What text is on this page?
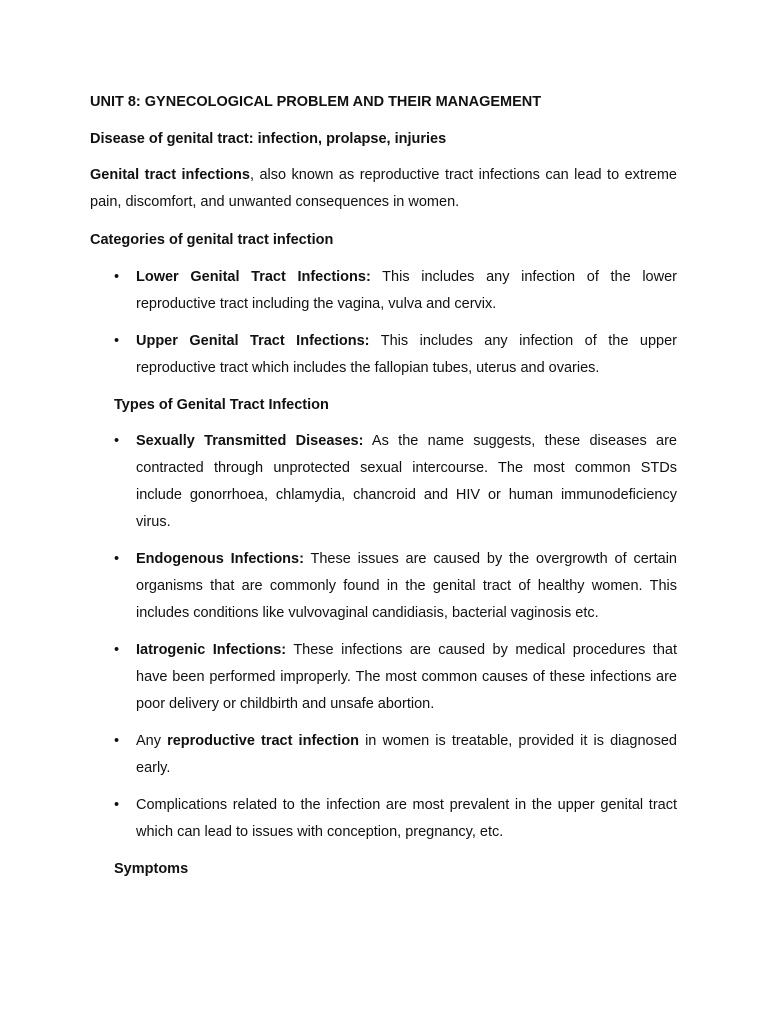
UNIT 8: GYNECOLOGICAL PROBLEM AND THEIR MANAGEMENT
Disease of genital tract: infection, prolapse, injuries
Genital tract infections, also known as reproductive tract infections can lead to extreme pain, discomfort, and unwanted consequences in women.
Categories of genital tract infection
•	Lower Genital Tract Infections: This includes any infection of the lower reproductive tract including the vagina, vulva and cervix.
•	Upper Genital Tract Infections: This includes any infection of the upper reproductive tract which includes the fallopian tubes, uterus and ovaries.
Types of Genital Tract Infection
•	Sexually Transmitted Diseases: As the name suggests, these diseases are contracted through unprotected sexual intercourse. The most common STDs include gonorrhoea, chlamydia, chancroid and HIV or human immunodeficiency virus.
•	Endogenous Infections: These issues are caused by the overgrowth of certain organisms that are commonly found in the genital tract of healthy women. This includes conditions like vulvovaginal candidiasis, bacterial vaginosis etc.
•	Iatrogenic Infections: These infections are caused by medical procedures that have been performed improperly. The most common causes of these infections are poor delivery or childbirth and unsafe abortion.
•	Any reproductive tract infection in women is treatable, provided it is diagnosed early.
•	Complications related to the infection are most prevalent in the upper genital tract which can lead to issues with conception, pregnancy, etc.
Symptoms
